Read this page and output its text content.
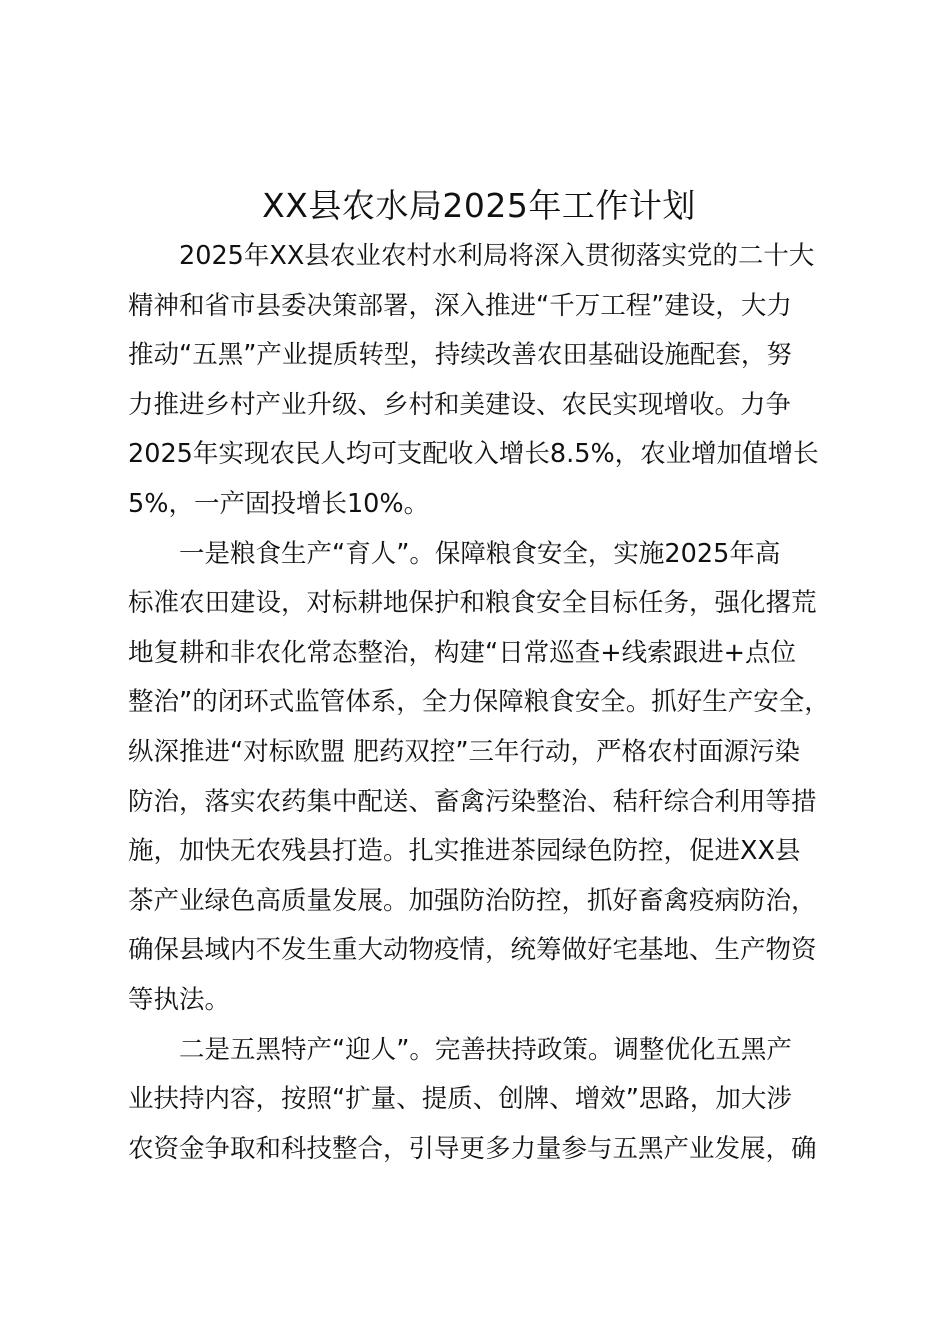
XX县农水局2025年工作计划
2025年XX县农业农村水利局将深入贯彻落实党的二十大
精神和省市县委决策部署，深入推进“千万工程”建设，大力
推动“五黑”产业提质转型，持续改善农田基础设施配套，努
力推进乡村产业升级、乡村和美建设、农民实现增收。力争
2025年实现农民人均可支配收入增长8.5%，农业增加值增长
5%，一产固投增长10%。
一是粮食生产“育人”。保障粮食安全，实施2025年高
标准农田建设，对标耕地保护和粮食安全目标任务，强化撂荒
地复耕和非农化常态整治，构建“日常巡查+线索跟进+点位
整治”的闭环式监管体系，全力保障粮食安全。抓好生产安全，
纵深推进“对标欧盟 肥药双控”三年行动，严格农村面源污染
防治，落实农药集中配送、畜禽污染整治、秸秆综合利用等措
施，加快无农残县打造。扎实推进茶园绿色防控，促进XX县
茶产业绿色高质量发展。加强防治防控，抓好畜禽疫病防治，
确保县域内不发生重大动物疫情，统筹做好宅基地、生产物资
等执法。
二是五黑特产“迎人”。完善扶持政策。调整优化五黑产
业扶持内容，按照“扩量、提质、创牌、增效”思路，加大涉
农资金争取和科技整合，引导更多力量参与五黑产业发展，确
